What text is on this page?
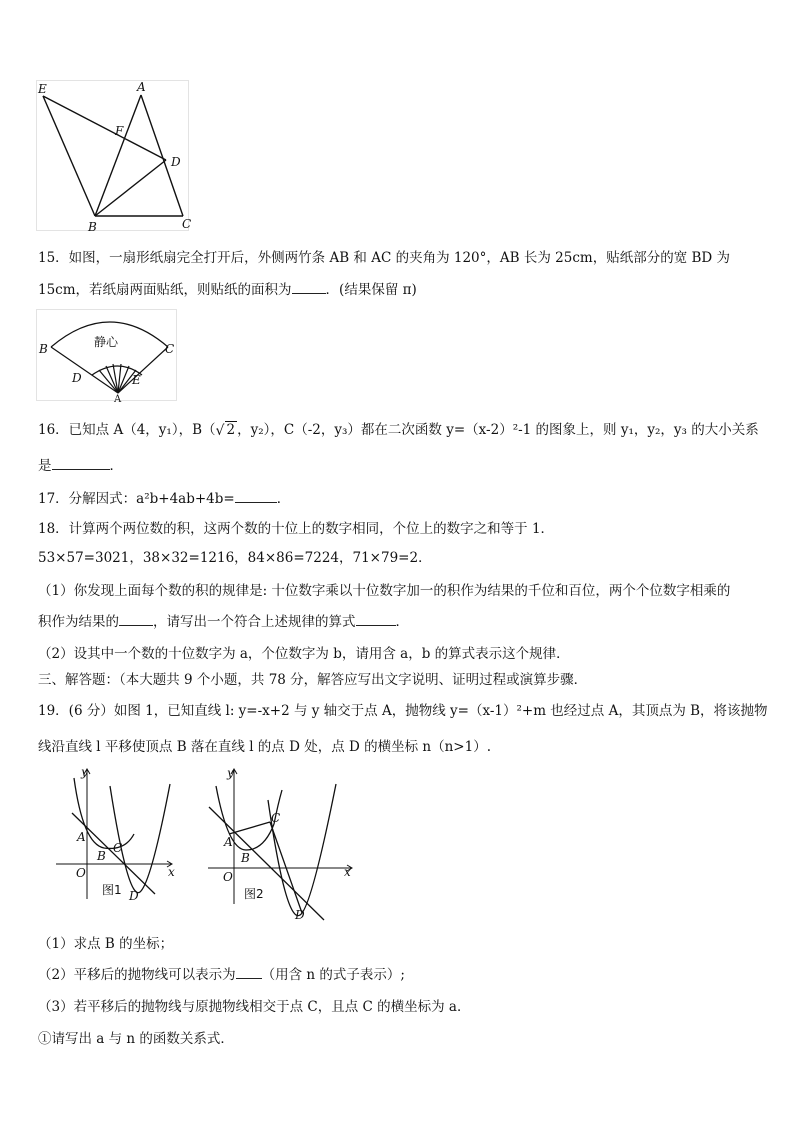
E	A
F
D
B	C
15．如图，一扇形纸扇完全打开后，外侧两竹条 AB 和 AC 的夹角为 120°，AB 长为 25cm，贴纸部分的宽 BD 为
15cm，若纸扇两面贴纸，则贴纸的面积为	．(结果保留 π)
静心
B	C
D	E
A
16．已知点 A（4，y₁），B（ √ 2 ，y₂），C（-2，y₃）都在二次函数 y=（x-2）²-1 的图象上，则 y₁，y₂，y₃ 的大小关系
是	．
17．分解因式：a²b+4ab+4b=	．
18．计算两个两位数的积，这两个数的十位上的数字相同，个位上的数字之和等于 1．
53×57=3021，38×32=1216，84×86=7224，71×79=2．
（1）你发现上面每个数的积的规律是: 十位数字乘以十位数字加一的积作为结果的千位和百位，两个个位数字相乘的
积作为结果的	，请写出一个符合上述规律的算式	．
（2）设其中一个数的十位数字为 a，个位数字为 b，请用含 a，b 的算式表示这个规律．
三、解答题：（本大题共 9 个小题，共 78 分，解答应写出文字说明、证明过程或演算步骤．
19．(6 分）如图 1，已知直线 l: y=-x+2 与 y 轴交于点 A，抛物线 y=（x-1）²+m 也经过点 A，其顶点为 B，将该抛物
线沿直线 l 平移使顶点 B 落在直线 l 的点 D 处，点 D 的横坐标 n（n>1）.
y
x
O
A
B
C
D
图1
y
x
O
A
B
C
D
图2
（1）求点 B 的坐标；
（2）平移后的抛物线可以表示为 （用含 n 的式子表示）;
（3）若平移后的抛物线与原抛物线相交于点 C，且点 C 的横坐标为 a．
①请写出 a 与 n 的函数关系式．
